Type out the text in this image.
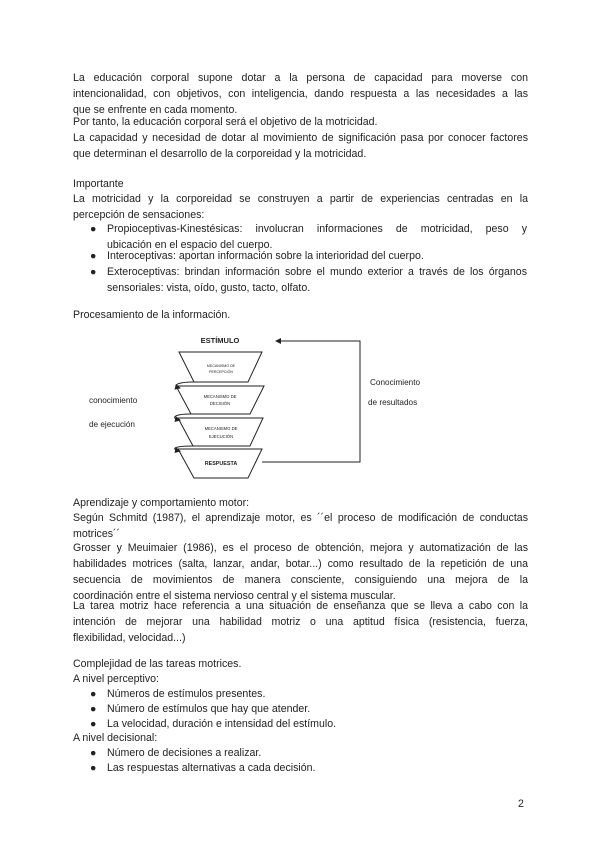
La educación corporal supone dotar a la persona de capacidad para moverse con
intencionalidad, con objetivos, con inteligencia, dando respuesta a las necesidades a las
que se enfrente en cada momento.

Por tanto, la educación corporal será el objetivo de la motricidad.

La capacidad y necesidad de dotar al movimiento de significación pasa por conocer factores
que determinan el desarrollo de la corporeidad y la motricidad.

Importante

La motricidad y la corporeidad se construyen a partir de experiencias centradas en la
percepción de sensaciones:

● Propioceptivas-Kinestésicas: involucran informaciones de motricidad, peso y
ubicación en el espacio del cuerpo.
● Interoceptivas: aportan información sobre la interioridad del cuerpo.
● Exteroceptivas: brindan información sobre el mundo exterior a través de los órganos
sensoriales: vista, oído, gusto, tacto, olfato.

Procesamiento de la información.

ESTÍMULO
MECANISMO DE
PERCEPCIÓN
MECANISMO DE
DECISIÓN
MECANISMO DE
EJECUCIÓN
RESPUESTA
conocimiento
de ejecución
Conocimiento
de resultados

Aprendizaje y comportamiento motor:

Según Schmitd (1987), el aprendizaje motor, es ´´el proceso de modificación de conductas
motrices´´

Grosser y Meuimaier (1986), es el proceso de obtención, mejora y automatización de las
habilidades motrices (salta, lanzar, andar, botar...) como resultado de la repetición de una
secuencia de movimientos de manera consciente, consiguiendo una mejora de la
coordinación entre el sistema nervioso central y el sistema muscular.

La tarea motriz hace referencia a una situación de enseñanza que se lleva a cabo con la
intención de mejorar una habilidad motriz o una aptitud física (resistencia, fuerza,
flexibilidad, velocidad...)

Complejidad de las tareas motrices.

A nivel perceptivo:

● Números de estímulos presentes.
● Número de estímulos que hay que atender.
● La velocidad, duración e intensidad del estímulo.

A nivel decisional:

● Número de decisiones a realizar.
● Las respuestas alternativas a cada decisión.
2
